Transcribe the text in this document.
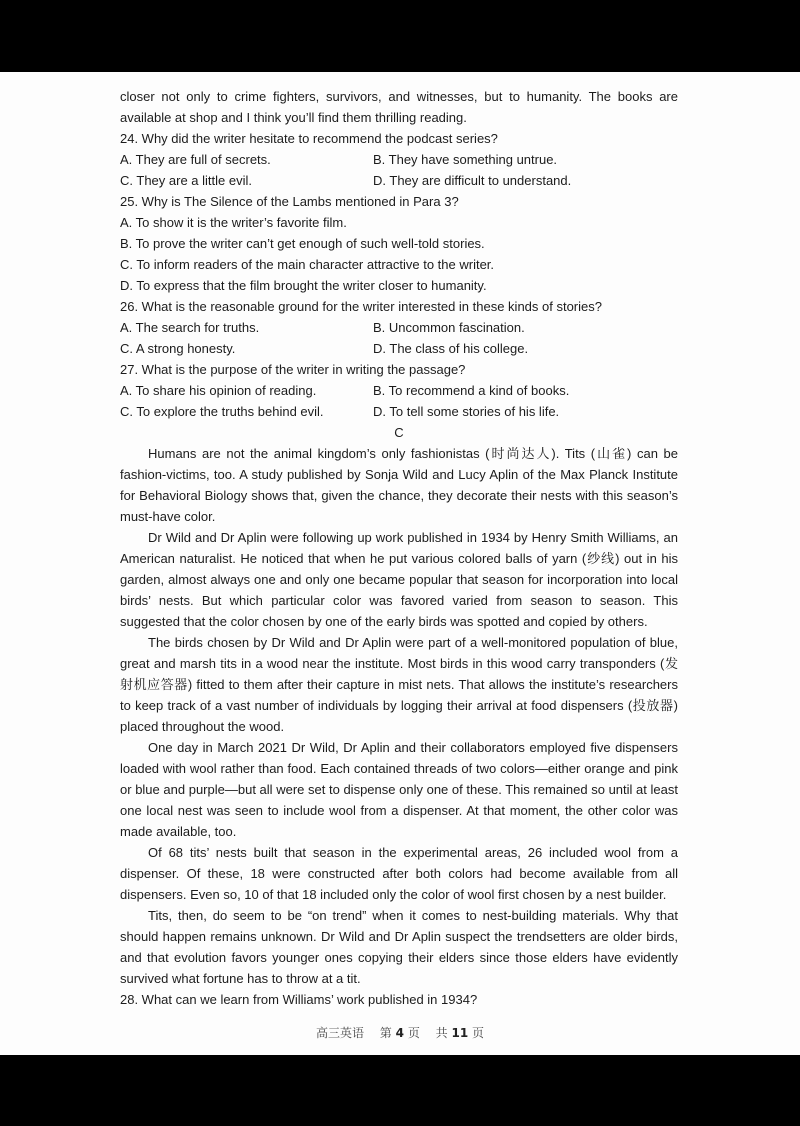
closer not only to crime fighters, survivors, and witnesses, but to humanity. The books are
available at shop and I think you’ll find them thrilling reading.
24. Why did the writer hesitate to recommend the podcast series?
A. They are full of secrets.	B. They have something untrue.
C. They are a little evil.	D. They are difficult to understand.
25. Why is The Silence of the Lambs mentioned in Para 3?
A. To show it is the writer’s favorite film.
B. To prove the writer can’t get enough of such well-told stories.
C. To inform readers of the main character attractive to the writer.
D. To express that the film brought the writer closer to humanity.
26. What is the reasonable ground for the writer interested in these kinds of stories?
A. The search for truths.	B. Uncommon fascination.
C. A strong honesty.	D. The class of his college.
27. What is the purpose of the writer in writing the passage?
A. To share his opinion of reading.	B. To recommend a kind of books.
C. To explore the truths behind evil.	D. To tell some stories of his life.
C

Humans are not the animal kingdom’s only fashionistas (时尚达人). Tits (山雀) can be fashion-victims, too. A study published by Sonja Wild and Lucy Aplin of the Max Planck Institute for Behavioral Biology shows that, given the chance, they decorate their nests with this season’s must-have color.

Dr Wild and Dr Aplin were following up work published in 1934 by Henry Smith Williams, an American naturalist. He noticed that when he put various colored balls of yarn (纱线) out in his garden, almost always one and only one became popular that season for incorporation into local birds’ nests. But which particular color was favored varied from season to season. This suggested that the color chosen by one of the early birds was spotted and copied by others.

The birds chosen by Dr Wild and Dr Aplin were part of a well-monitored population of blue, great and marsh tits in a wood near the institute. Most birds in this wood carry transponders (发射机应答器) fitted to them after their capture in mist nets. That allows the institute’s researchers to keep track of a vast number of individuals by logging their arrival at food dispensers (投放器) placed throughout the wood.

One day in March 2021 Dr Wild, Dr Aplin and their collaborators employed five dispensers loaded with wool rather than food. Each contained threads of two colors—either orange and pink or blue and purple—but all were set to dispense only one of these. This remained so until at least one local nest was seen to include wool from a dispenser. At that moment, the other color was made available, too.

Of 68 tits’ nests built that season in the experimental areas, 26 included wool from a dispenser. Of these, 18 were constructed after both colors had become available from all dispensers. Even so, 10 of that 18 included only the color of wool first chosen by a nest builder.

Tits, then, do seem to be “on trend” when it comes to nest-building materials. Why that should happen remains unknown. Dr Wild and Dr Aplin suspect the trendsetters are older birds, and that evolution favors younger ones copying their elders since those elders have evidently survived what fortune has to throw at a tit.

28. What can we learn from Williams’ work published in 1934?
高三英语 第 4 页 共 11 页
